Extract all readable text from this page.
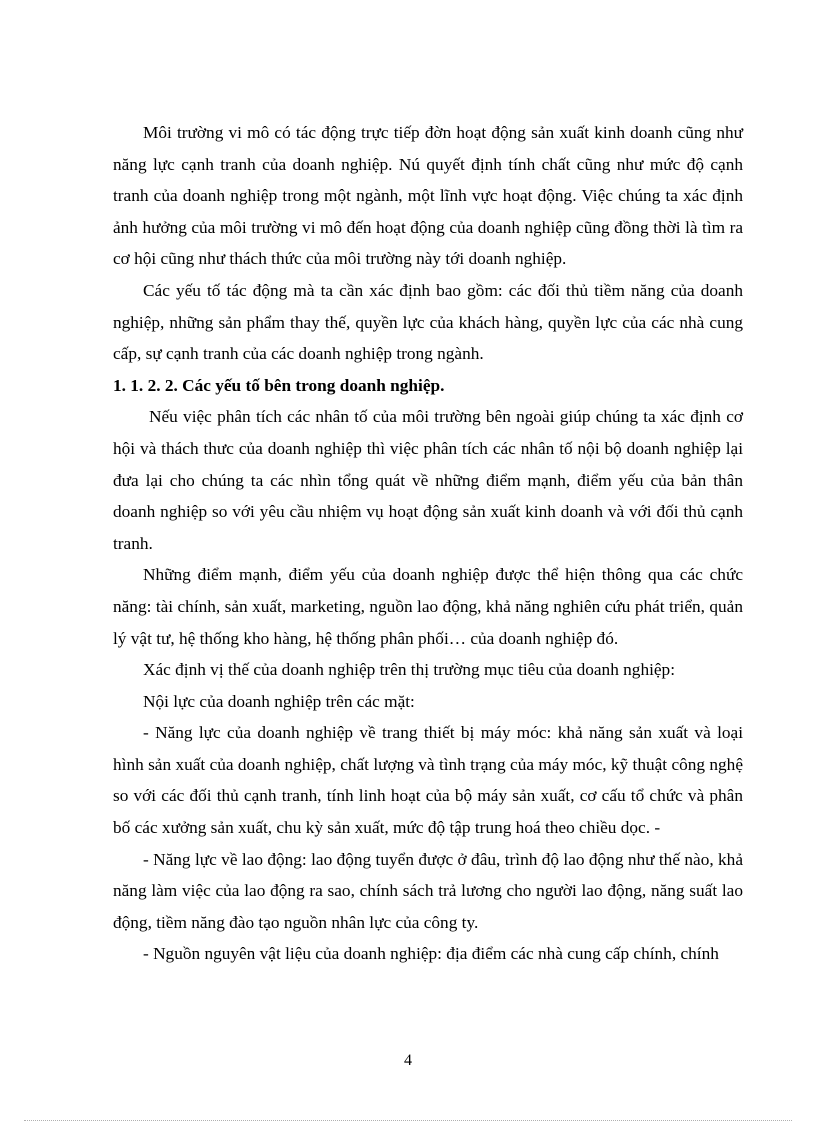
Môi trường vi mô có tác động trực tiếp đờn hoạt động sản xuất kinh doanh cũng như năng lực cạnh tranh của doanh nghiệp. Nú quyết định tính chất cũng như mức độ cạnh tranh của doanh nghiệp trong một ngành, một lĩnh vực hoạt động. Việc chúng ta xác định ảnh hưởng của môi trường vi mô đến hoạt động của doanh nghiệp cũng đồng thời là tìm ra cơ hội cũng như thách thức của môi trường này tới doanh nghiệp.

Các yếu tố tác động mà ta cần xác định bao gồm: các đối thủ tiềm năng của doanh nghiệp, những sản phẩm thay thế, quyền lực của khách hàng, quyền lực của các nhà cung cấp, sự cạnh tranh của các doanh nghiệp trong ngành.

1. 1. 2. 2. Các yếu tố bên trong doanh nghiệp.

Nếu việc phân tích các nhân tố của môi trường bên ngoài giúp chúng ta xác định cơ hội và thách thưc của doanh nghiệp thì việc phân tích các nhân tố nội bộ doanh nghiệp lại đưa lại cho chúng ta các nhìn tổng quát về những điểm mạnh, điểm yếu của bản thân doanh nghiệp so với yêu cầu nhiệm vụ hoạt động sản xuất kinh doanh và với đối thủ cạnh tranh.

Những điểm mạnh, điểm yếu của doanh nghiệp được thể hiện thông qua các chức năng: tài chính, sản xuất, marketing, nguồn lao động, khả năng nghiên cứu phát triển, quản lý vật tư, hệ thống kho hàng, hệ thống phân phối… của doanh nghiệp đó.

Xác định vị thế của doanh nghiệp trên thị trường mục tiêu của doanh nghiệp:

Nội lực của doanh nghiệp trên các mặt:

- Năng lực của doanh nghiệp về trang thiết bị máy móc: khả năng sản xuất và loại hình sản xuất của doanh nghiệp, chất lượng và tình trạng của máy móc, kỹ thuật công nghệ so với các đối thủ cạnh tranh, tính linh hoạt của bộ máy sản xuất, cơ cấu tổ chức và phân bố các xưởng sản xuất, chu kỳ sản xuất, mức độ tập trung hoá theo chiều dọc. -

- Năng lực về lao động: lao động tuyển được ở đâu, trình độ lao động như thế nào, khả năng làm việc của lao động ra sao, chính sách trả lương cho người lao động, năng suất lao động, tiềm năng đào tạo nguồn nhân lực của công ty.

- Nguồn nguyên vật liệu của doanh nghiệp: địa điểm các nhà cung cấp chính, chính

4
